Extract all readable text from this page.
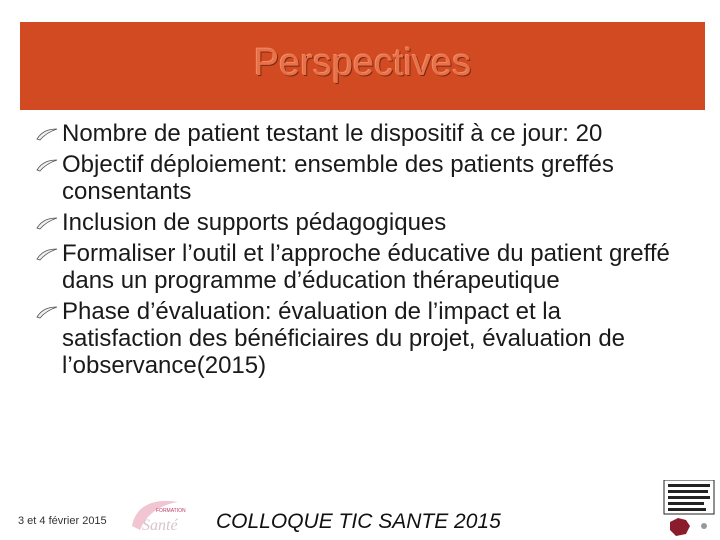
Perspectives
Nombre de patient testant le dispositif à ce jour: 20
Objectif déploiement: ensemble des patients greffés consentants
Inclusion de supports pédagogiques
Formaliser l’outil et l’approche éducative du patient greffé dans un programme d’éducation thérapeutique
Phase d’évaluation: évaluation de l’impact et la satisfaction des bénéficiaires du projet, évaluation de l’observance(2015)
3 et 4 février 2015
FORMATION
Santé COLLOQUE TIC SANTE 2015
